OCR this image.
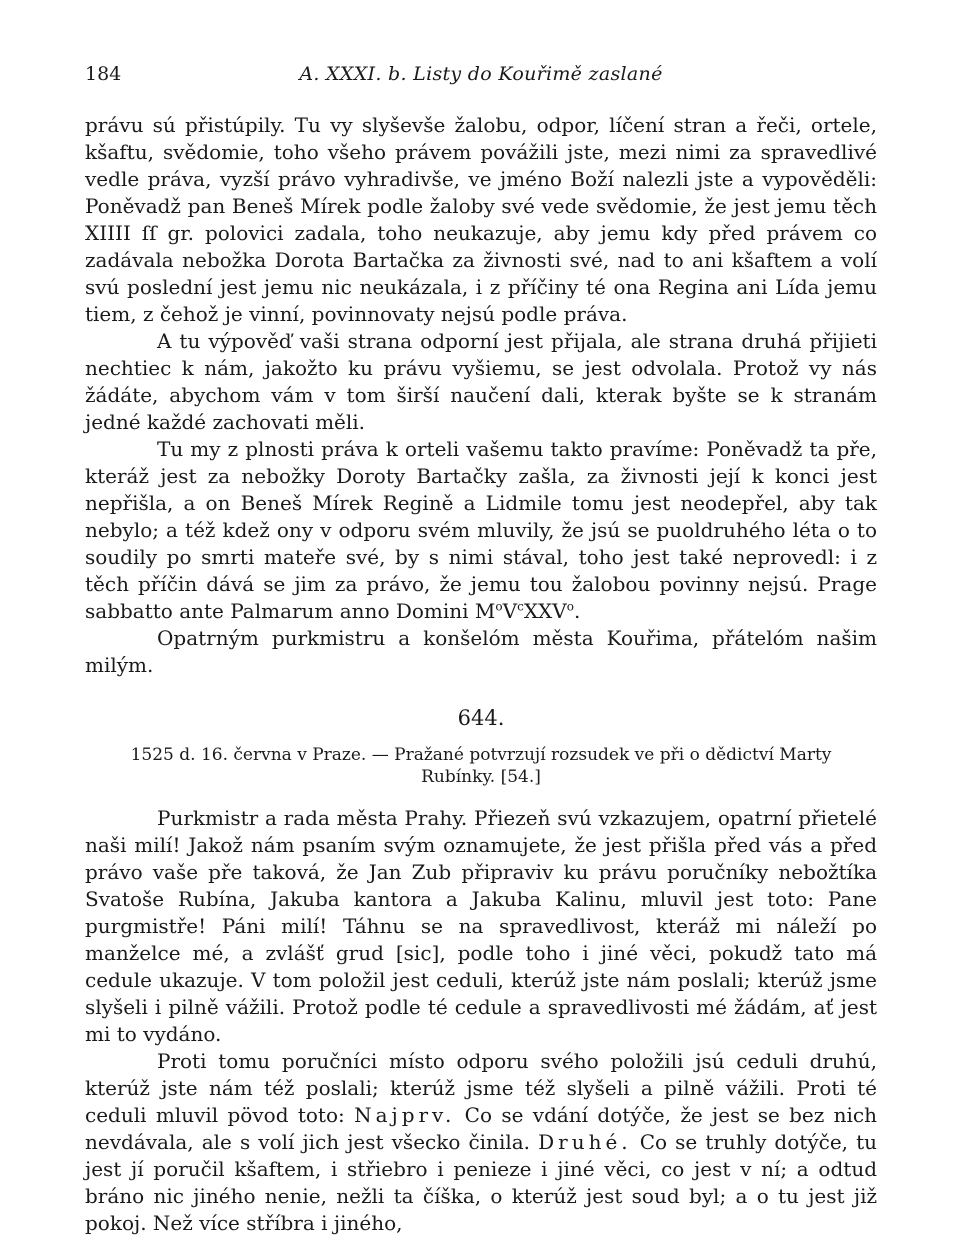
184	A. XXXI. b. Listy do Kouřimě zaslané

právu sú přistúpily. Tu vy slyševše žalobu, odpor, líčení stran a řeči, ortele, kšaftu, svědomie, toho všeho právem povážili jste, mezi nimi za spravedlivé vedle práva, vyzší právo vyhradivše, ve jméno Boží nalezli jste a vypověděli: Poněvadž pan Beneš Mírek podle žaloby své vede svědomie, že jest jemu těch XIIII ſſ gr. polovici zadala, toho neukazuje, aby jemu kdy před právem co zadávala nebožka Dorota Bartačka za živnosti své, nad to ani kšaftem a volí svú poslední jest jemu nic neukázala, i z příčiny té ona Regina ani Lída jemu tiem, z čehož je vinní, povinnovaty nejsú podle práva.

A tu výpověď vaši strana odporní jest přijala, ale strana druhá přijieti nechtiec k nám, jakožto ku právu vyšiemu, se jest odvolala. Protož vy nás žádáte, abychom vám v tom širší naučení dali, kterak byšte se k stranám jedné každé zachovati měli.

Tu my z plnosti práva k orteli vašemu takto pravíme: Poněvadž ta pře, kteráž jest za nebožky Doroty Bartačky zašla, za živnosti její k konci jest nepřišla, a on Beneš Mírek Regině a Lidmile tomu jest neodepřel, aby tak nebylo; a též kdež ony v odporu svém mluvily, že jsú se puoldruhého léta o to soudily po smrti mateře své, by s nimi stával, toho jest také neprovedl: i z těch příčin dává se jim za právo, že jemu tou žalobou povinny nejsú. Prage sabbatto ante Palmarum anno Domini $M^oV^cXXV^o$.

Opatrným purkmistru a konšelóm města Kouřima, přátelóm našim milým.

644.
1525 d. 16. června v Praze. — Pražané potvrzují rozsudek ve při o dědictví Marty Rubínky. [54.]

Purkmistr a rada města Prahy. Přiezeň svú vzkazujem, opatrní přietelé naši milí! Jakož nám psaním svým oznamujete, že jest přišla před vás a před právo vaše pře taková, že Jan Zub připraviv ku právu poručníky nebožtíka Svatoše Rubína, Jakuba kantora a Jakuba Kalinu, mluvil jest toto: Pane purgmistře! Páni milí! Táhnu se na spravedlivost, kteráž mi náleží po manželce mé, a zvlášť grud [sic], podle toho i jiné věci, pokudž tato má cedule ukazuje. V tom položil jest ceduli, kterúž jste nám poslali; kterúž jsme slyšeli i pilně vážili. Protož podle té cedule a spravedlivosti mé žádám, ať jest mi to vydáno.

Proti tomu poručníci místo odporu svého položili jsú ceduli druhú, kterúž jste nám též poslali; kterúž jsme též slyšeli a pilně vážili. Proti té ceduli mluvil pövod toto: Najprv. Co se vdání dotýče, že jest se bez nich nevdávala, ale s volí jich jest všecko činila. Druhé. Co se truhly dotýče, tu jest jí poručil kšaftem, i střiebro i penieze i jiné věci, co jest v ní; a odtud bráno nic jiného nenie, nežli ta číška, o kterúž jest soud byl; a o tu jest již pokoj. Než více stříbra i jiného,
